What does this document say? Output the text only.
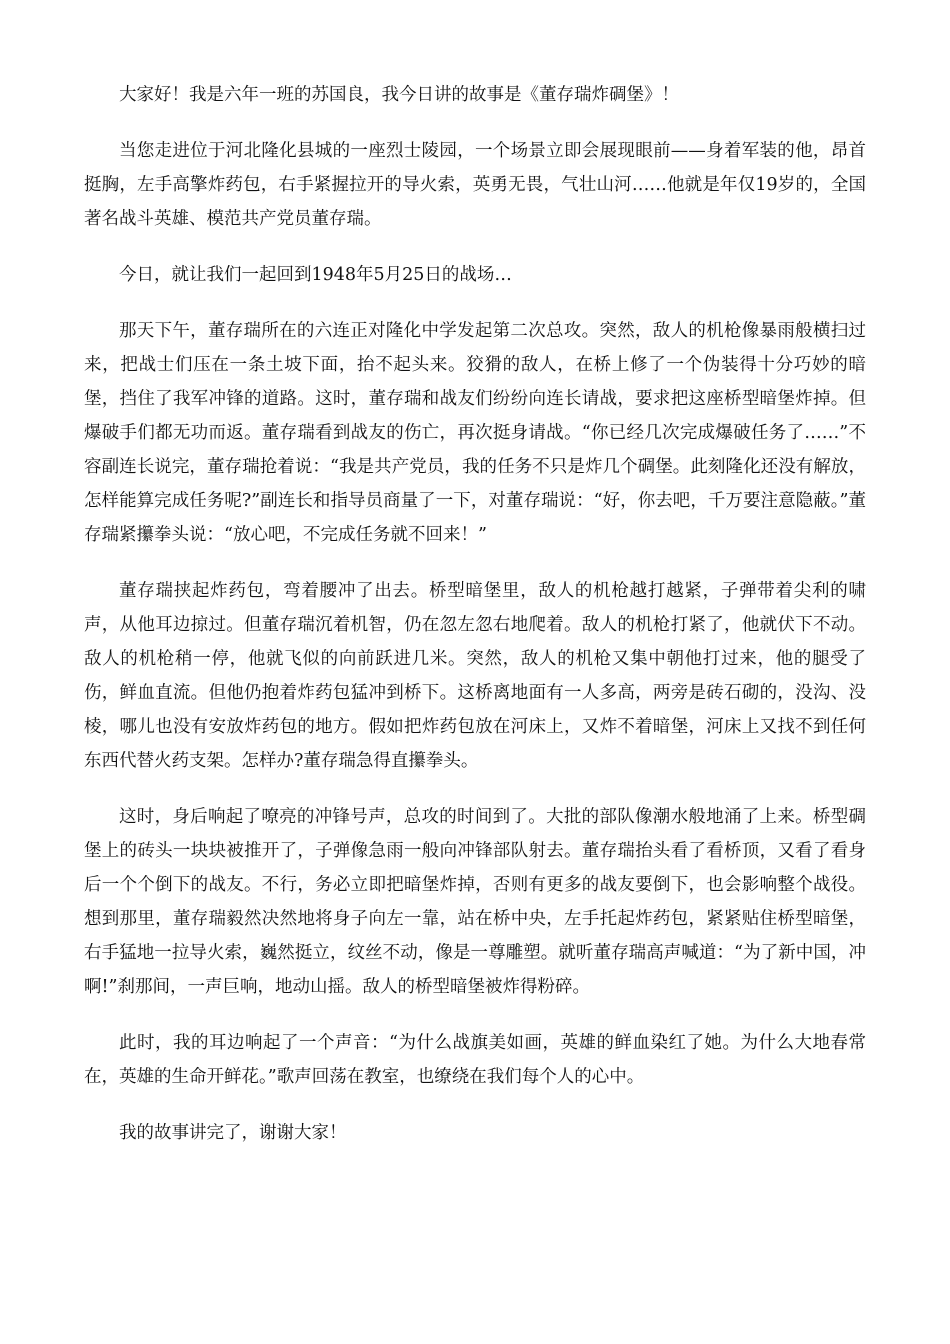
大家好！我是六年一班的苏国良，我今日讲的故事是《董存瑞炸碉堡》！

当您走进位于河北隆化县城的一座烈士陵园，一个场景立即会展现眼前——身着军装的他，昂首挺胸，左手高擎炸药包，右手紧握拉开的导火索，英勇无畏，气壮山河……他就是年仅19岁的，全国著名战斗英雄、模范共产党员董存瑞。

今日，就让我们一起回到1948年5月25日的战场…

那天下午，董存瑞所在的六连正对隆化中学发起第二次总攻。突然，敌人的机枪像暴雨般横扫过来，把战士们压在一条土坡下面，抬不起头来。狡猾的敌人，在桥上修了一个伪装得十分巧妙的暗堡，挡住了我军冲锋的道路。这时，董存瑞和战友们纷纷向连长请战，要求把这座桥型暗堡炸掉。但爆破手们都无功而返。董存瑞看到战友的伤亡，再次挺身请战。“你已经几次完成爆破任务了……”不容副连长说完，董存瑞抢着说：“我是共产党员，我的任务不只是炸几个碉堡。此刻隆化还没有解放，怎样能算完成任务呢?”副连长和指导员商量了一下，对董存瑞说：“好，你去吧，千万要注意隐蔽。”董存瑞紧攥拳头说：“放心吧，不完成任务就不回来！”

董存瑞挟起炸药包，弯着腰冲了出去。桥型暗堡里，敌人的机枪越打越紧，子弹带着尖利的啸声，从他耳边掠过。但董存瑞沉着机智，仍在忽左忽右地爬着。敌人的机枪打紧了，他就伏下不动。敌人的机枪稍一停，他就飞似的向前跃进几米。突然，敌人的机枪又集中朝他打过来，他的腿受了伤，鲜血直流。但他仍抱着炸药包猛冲到桥下。这桥离地面有一人多高，两旁是砖石砌的，没沟、没棱，哪儿也没有安放炸药包的地方。假如把炸药包放在河床上，又炸不着暗堡，河床上又找不到任何东西代替火药支架。怎样办?董存瑞急得直攥拳头。

这时，身后响起了嘹亮的冲锋号声，总攻的时间到了。大批的部队像潮水般地涌了上来。桥型碉堡上的砖头一块块被推开了，子弹像急雨一般向冲锋部队射去。董存瑞抬头看了看桥顶，又看了看身后一个个倒下的战友。不行，务必立即把暗堡炸掉，否则有更多的战友要倒下，也会影响整个战役。想到那里，董存瑞毅然决然地将身子向左一靠，站在桥中央，左手托起炸药包，紧紧贴住桥型暗堡，右手猛地一拉导火索，巍然挺立，纹丝不动，像是一尊雕塑。就听董存瑞高声喊道：“为了新中国，冲啊!”刹那间，一声巨响，地动山摇。敌人的桥型暗堡被炸得粉碎。

此时，我的耳边响起了一个声音：“为什么战旗美如画，英雄的鲜血染红了她。为什么大地春常在，英雄的生命开鲜花。”歌声回荡在教室，也缭绕在我们每个人的心中。

我的故事讲完了，谢谢大家！
